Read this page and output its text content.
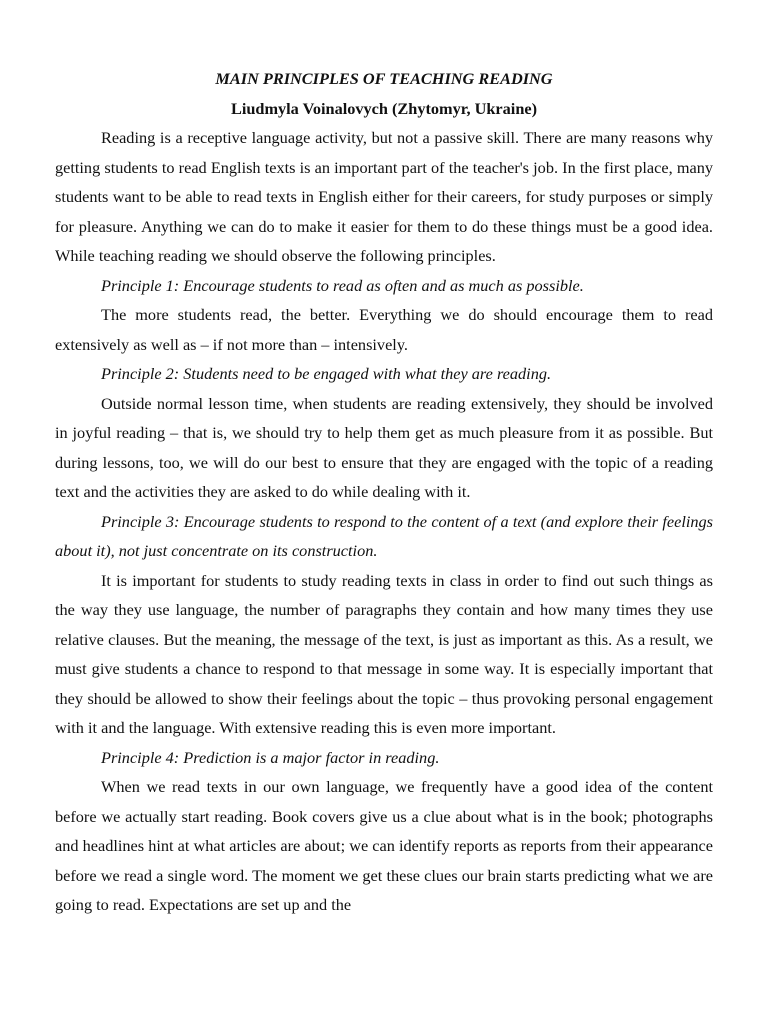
MAIN PRINCIPLES OF TEACHING READING

Liudmyla Voinalovych (Zhytomyr, Ukraine)

Reading is a receptive language activity, but not a passive skill. There are many reasons why getting students to read English texts is an important part of the teacher's job. In the first place, many students want to be able to read texts in English either for their careers, for study purposes or simply for pleasure. Anything we can do to make it easier for them to do these things must be a good idea. While teaching reading we should observe the following principles.

Principle 1: Encourage students to read as often and as much as possible.

The more students read, the better. Everything we do should encourage them to read extensively as well as – if not more than – intensively.

Principle 2: Students need to be engaged with what they are reading.

Outside normal lesson time, when students are reading extensively, they should be involved in joyful reading – that is, we should try to help them get as much pleasure from it as possible. But during lessons, too, we will do our best to ensure that they are engaged with the topic of a reading text and the activities they are asked to do while dealing with it.

Principle 3: Encourage students to respond to the content of a text (and explore their feelings about it), not just concentrate on its construction.

It is important for students to study reading texts in class in order to find out such things as the way they use language, the number of paragraphs they contain and how many times they use relative clauses. But the meaning, the message of the text, is just as important as this. As a result, we must give students a chance to respond to that message in some way. It is especially important that they should be allowed to show their feelings about the topic – thus provoking personal engagement with it and the language. With extensive reading this is even more important.

Principle 4: Prediction is a major factor in reading.

When we read texts in our own language, we frequently have a good idea of the content before we actually start reading. Book covers give us a clue about what is in the book; photographs and headlines hint at what articles are about; we can identify reports as reports from their appearance before we read a single word. The moment we get these clues our brain starts predicting what we are going to read. Expectations are set up and the
